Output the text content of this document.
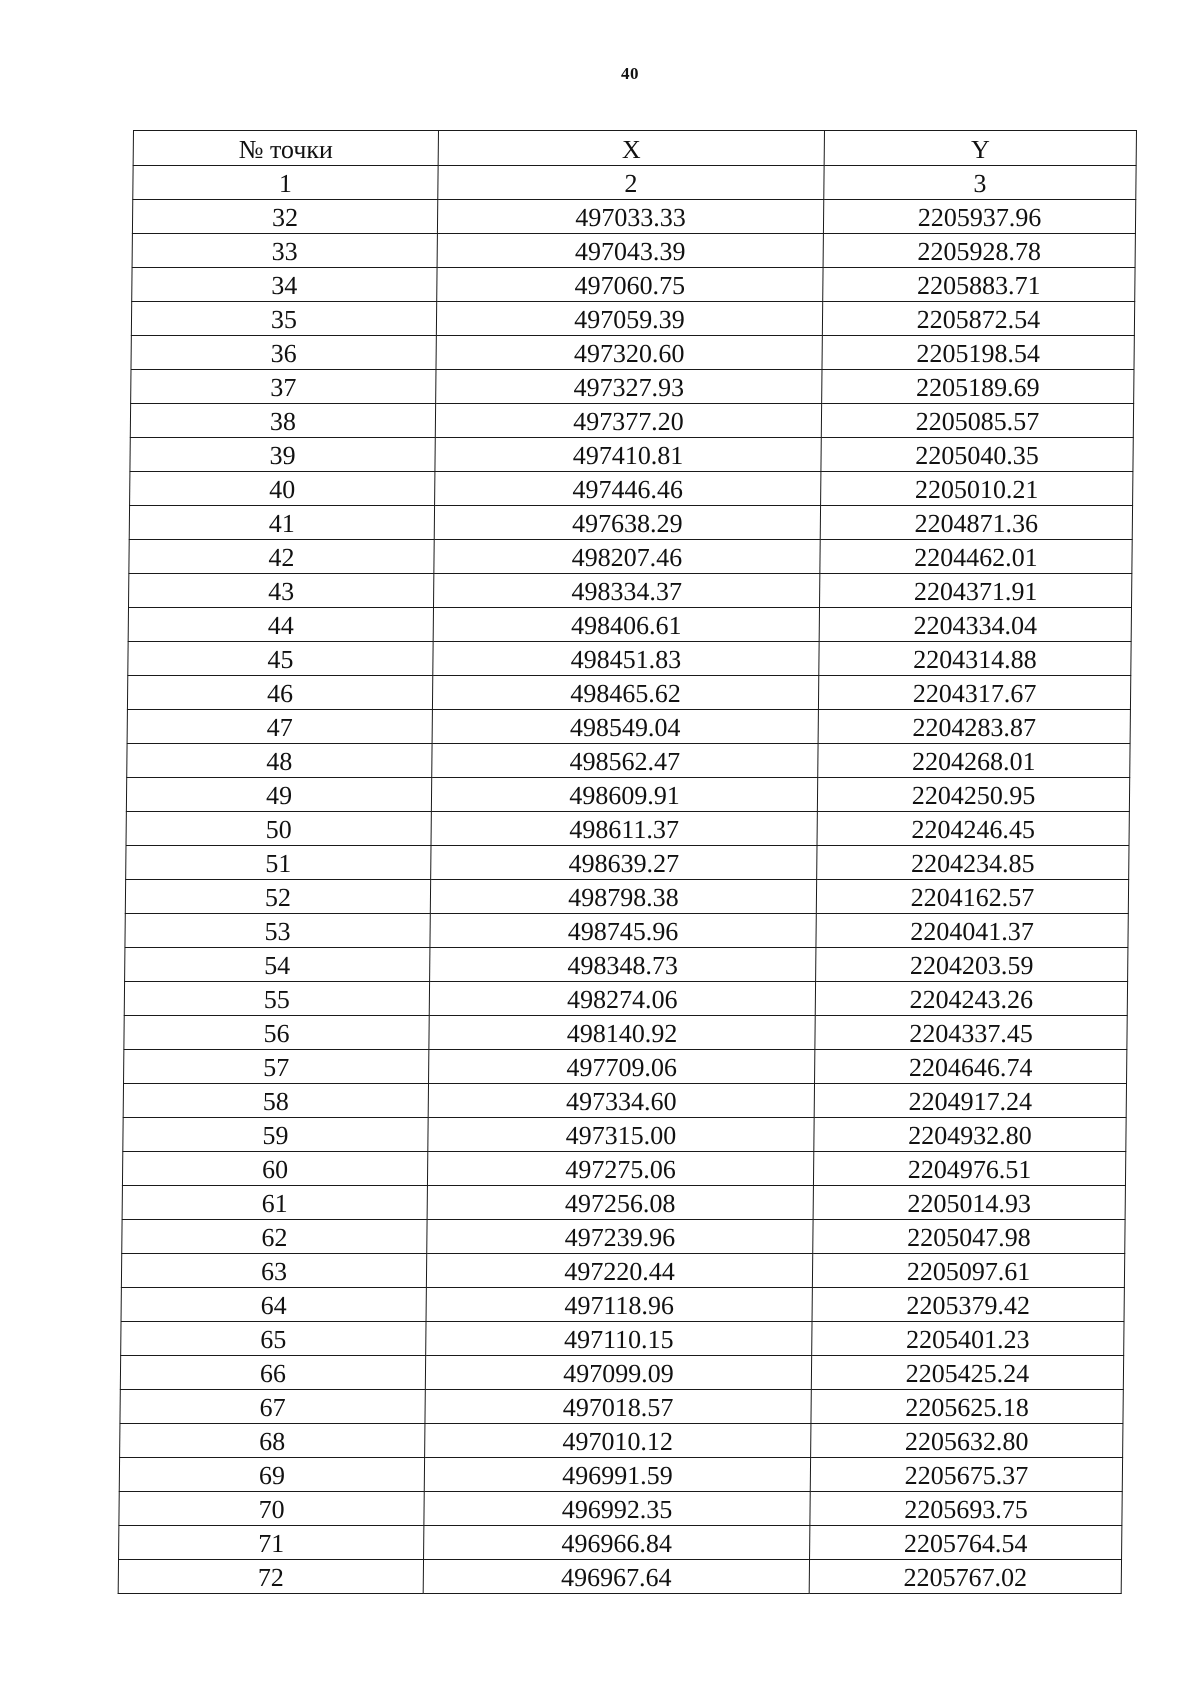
40
№ точки	X	Y
1	2	3
32	497033.33	2205937.96
33	497043.39	2205928.78
34	497060.75	2205883.71
35	497059.39	2205872.54
36	497320.60	2205198.54
37	497327.93	2205189.69
38	497377.20	2205085.57
39	497410.81	2205040.35
40	497446.46	2205010.21
41	497638.29	2204871.36
42	498207.46	2204462.01
43	498334.37	2204371.91
44	498406.61	2204334.04
45	498451.83	2204314.88
46	498465.62	2204317.67
47	498549.04	2204283.87
48	498562.47	2204268.01
49	498609.91	2204250.95
50	498611.37	2204246.45
51	498639.27	2204234.85
52	498798.38	2204162.57
53	498745.96	2204041.37
54	498348.73	2204203.59
55	498274.06	2204243.26
56	498140.92	2204337.45
57	497709.06	2204646.74
58	497334.60	2204917.24
59	497315.00	2204932.80
60	497275.06	2204976.51
61	497256.08	2205014.93
62	497239.96	2205047.98
63	497220.44	2205097.61
64	497118.96	2205379.42
65	497110.15	2205401.23
66	497099.09	2205425.24
67	497018.57	2205625.18
68	497010.12	2205632.80
69	496991.59	2205675.37
70	496992.35	2205693.75
71	496966.84	2205764.54
72	496967.64	2205767.02
